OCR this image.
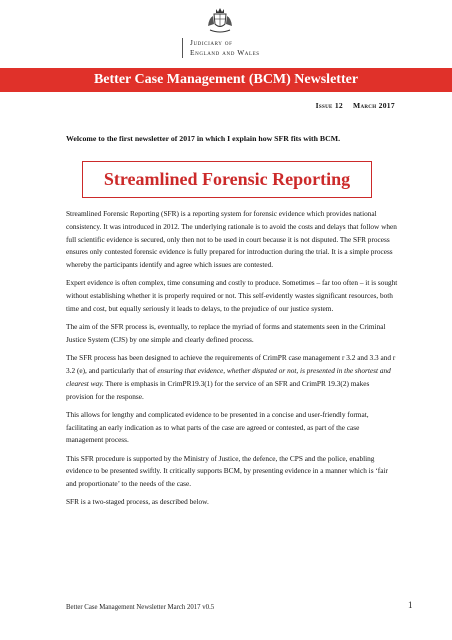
Judiciary of
England and Wales
Better Case Management (BCM) Newsletter
Issue 12 March 2017
Welcome to the first newsletter of 2017 in which I explain how SFR fits with BCM.
Streamlined Forensic Reporting

Streamlined Forensic Reporting (SFR) is a reporting system for forensic evidence which provides national consistency. It was introduced in 2012. The underlying rationale is to avoid the costs and delays that follow when full scientific evidence is secured, only then not to be used in court because it is not disputed. The SFR process ensures only contested forensic evidence is fully prepared for introduction during the trial. It is a simple process whereby the participants identify and agree which issues are contested.

Expert evidence is often complex, time consuming and costly to produce. Sometimes – far too often – it is sought without establishing whether it is properly required or not. This self-evidently wastes significant resources, both time and cost, but equally seriously it leads to delays, to the prejudice of our justice system.

The aim of the SFR process is, eventually, to replace the myriad of forms and statements seen in the Criminal Justice System (CJS) by one simple and clearly defined process.

The SFR process has been designed to achieve the requirements of CrimPR case management r 3.2 and 3.3 and r 3.2 (e), and particularly that of ensuring that evidence, whether disputed or not, is presented in the shortest and clearest way. There is emphasis in CrimPR19.3(1) for the service of an SFR and CrimPR 19.3(2) makes provision for the response.

This allows for lengthy and complicated evidence to be presented in a concise and user-friendly format, facilitating an early indication as to what parts of the case are agreed or contested, as part of the case management process.

This SFR procedure is supported by the Ministry of Justice, the defence, the CPS and the police, enabling evidence to be presented swiftly. It critically supports BCM, by presenting evidence in a manner which is ‘fair and proportionate’ to the needs of the case.

SFR is a two-staged process, as described below.

Better Case Management Newsletter March 2017 v0.5	1
